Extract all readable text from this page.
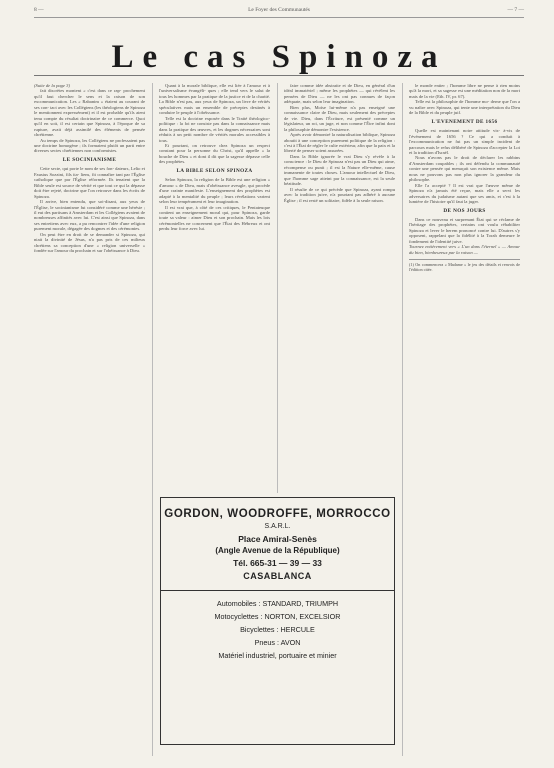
8 —	Le Foyer des Communautés	— 7 —
Le cas Spinoza

(Suite de la page 3)

fait discrètes montent « c'est dans ce rap- prochement qu'il faut chercher le sens et la raison de son excommunication. Les « Rabanim » étaient au courant de ses con- tact avec les Collégiens (les théologiens de Spinoza le mentionnent expressément) et il est probable qu'ils aient tenu compte du résultat doctrinaire de ce commerce. Quoi qu'il en soit, il est certain que Spinoza, à l'époque de sa rupture, avait déjà assimilé des éléments de pensée chrétienne.

Au temps de Spinoza, les Collégiens ne professaient pas une doctrine homogène ; ils formaient plutôt un parti entre diverses sectes chrétiennes non conformistes.

LE SOCINIANISME

Cette secte, qui porte le nom de ses fon- dateurs, Lelio et Faustus Sozzini, fils ita- liens, fit connaître tant par l'Église catholique que par l'Église réformée. Ils tenaient que la Bible seule est source de vérité et que tout ce qui la dépasse doit être rejeté, doctrine que l'on retrouve dans les écrits de Spinoza.

Il arrive, bien entendu, que soi-disant, aux yeux de l'Église, le socinianisme fut considéré comme une hérésie ; il eut des partisans à Amsterdam et les Collégiens avaient de nombreuses affinités avec lui. C'est ainsi que Spinoza, dans ses entretiens avec eux, a pu rencontrer l'idée d'une religion purement morale, dégagée des dogmes et des cérémonies.

On peut être en droit de se demander si Spinoza, qui niait la divinité de Jésus, n'a pas pris de ces milieux chrétiens sa conception d'une « religion universelle » fondée sur l'amour du prochain et sur l'obéissance à Dieu.

Quant à la morale biblique, elle est liée à l'amour et à l'universalisme évangéli- ques ; elle tend vers le salut de tous les hommes par la pratique de la justice et de la charité. La Bible n'est pas, aux yeux de Spinoza, un livre de vérités spéculatives mais un ensemble de préceptes destinés à conduire le peuple à l'obéissance.

Telle est la doctrine exposée dans le Traité théologico-politique : la foi ne consiste pas dans la connaissance mais dans la pratique des œuvres, et les dogmes nécessaires sont réduits à un petit nombre de vérités morales accessibles à tous.

Et pourtant, on retrouve chez Spinoza un respect constant pour la personne du Christ, qu'il appelle « la bouche de Dieu » et dont il dit que la sagesse dépasse celle des prophètes.

LA BIBLE SELON SPINOZA

Selon Spinoza, la religion de la Bible est une religion « d'amour » de Dieu, mais d'obéissance aveugle, qui procède d'une crainte manifeste. L'enseignement des prophètes est adapté à la mentalité du peuple ; leurs révélations varient selon leur tempérament et leur imagination.

Il est vrai que, à côté de ces critiques, le Pentateuque contient un enseignement moral qui, pour Spinoza, garde toute sa valeur : aimer Dieu et son prochain. Mais les lois cérémonielles ne concernent que l'État des Hébreux et ont perdu leur force avec lui.

faire comme idée abstraite et de Dieu, en général d'un idéal immatériel ; même les prophètes — qui révèlent les pensées de Dieu — ne les ont pas connues de façon adéquate, mais selon leur imagination.

Bien plus, Moïse lui-même n'a pas enseigné une connaissance claire de Dieu, mais seulement des préceptes de vie. Dieu, dans l'Écriture, est présenté comme un législateur, un roi, un juge, et non comme l'Être infini dont la philosophie démontre l'existence.

Après avoir démontré la naturalisation biblique, Spinoza aboutit à une conception purement politique de la religion : c'est à l'État de régler le culte extérieur, afin que la paix et la liberté de penser soient assurées.

Dans la Bible ignorée le vrai Dieu s'y révèle à la conscience : le Dieu de Spinoza n'est pas un Dieu qui aime, récompense ou punit ; il est la Nature elle-même, cause immanente de toutes choses. L'amour intellectuel de Dieu, que l'homme sage atteint par la connaissance, est la seule béatitude.

Il résulte de ce qui précède que Spinoza, ayant rompu avec la tradition juive, n'a pourtant pas adhéré à aucune Église ; il est resté un solitaire, fidèle à la seule raison.

le monde entier ; l'homme libre ne pense à rien moins qu'à la mort, et sa sagesse est une méditation non de la mort mais de la vie (Eth. IV, pr. 67).

Telle est la philosophie de l'homme mo- derne que l'on a vu naître avec Spinoza, qui tente une interprétation du Dieu de la Bible et du peuple juif.

L'EVENEMENT DE 1656

Quelle est maintenant notre attitude vis- à-vis de l'événement de 1656 ? Ce qui a conduit à l'excommunication ne fut pas un simple incident de parcours mais le refus délibéré de Spinoza d'accepter la Loi et la tradition d'Israël.

Nous n'avons pas le droit de déclarer les rabbins d'Amsterdam coupables ; ils ont défendu la communauté contre une pensée qui menaçait son existence même. Mais nous ne pouvons pas non plus ignorer la grandeur du philosophe.

Elle l'a accepté ? Il est vrai que l'œuvre même de Spinoza n'a jamais été reçue, mais elle a servi les adversaires du judaïsme autant que ses amis, et c'est à la lumière de l'histoire qu'il faut la juger.

DE NOS JOURS

Dans ce nouveau et surprenant État qui se réclame de l'héritage des prophètes, certains ont voulu réhabiliter Spinoza et lever le herem prononcé contre lui. D'autres s'y opposent, rappelant que la fidélité à la Torah demeure le fondement de l'identité juive.

Tournez entièrement vers « L'un dans l'éternel » — Amour du bien, bienheureux par la raison —

(1) On commencera « Madame » le jeu des détails et renvois de l'édition citée.
GORDON, WOODROFFE, MORROCCO
S.A.R.L.
Place Amiral-Senès
(Angle Avenue de la République)
Tél. 665-31 — 39 — 33
CASABLANCA
Automobiles : STANDARD, TRIUMPH
Motocyclettes : NORTON, EXCELSIOR
Bicyclettes : HERCULE
Pneus : AVON
Matériel industriel, portuaire et minier
